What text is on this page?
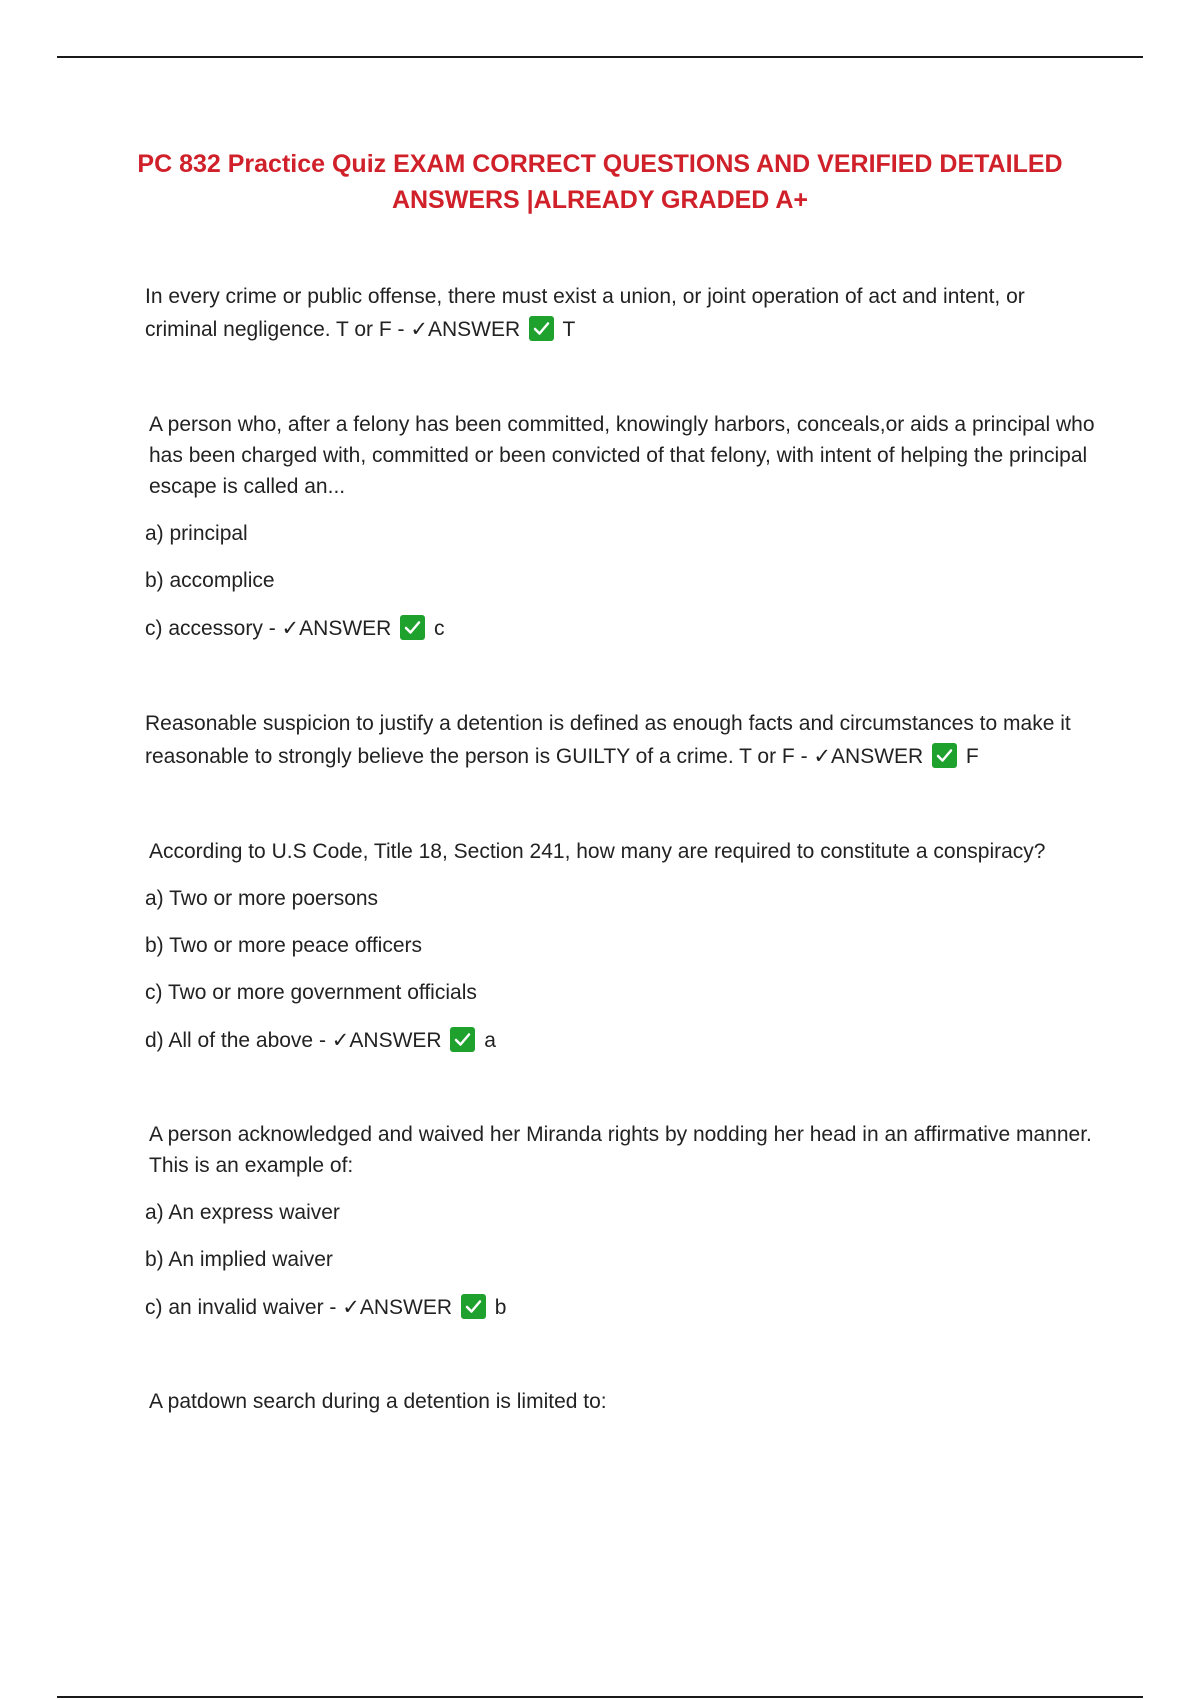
PC 832 Practice Quiz EXAM CORRECT QUESTIONS AND VERIFIED DETAILED
ANSWERS |ALREADY GRADED A+

In every crime or public offense, there must exist a union, or joint operation of act and intent, or criminal negligence. T or F - ✓ANSWER T

A person who, after a felony has been committed, knowingly harbors, conceals,or aids a principal who has been charged with, committed or been convicted of that felony, with intent of helping the principal escape is called an...

a) principal

b) accomplice

c) accessory - ✓ANSWER c

Reasonable suspicion to justify a detention is defined as enough facts and circumstances to make it reasonable to strongly believe the person is GUILTY of a crime. T or F - ✓ANSWER F

According to U.S Code, Title 18, Section 241, how many are required to constitute a conspiracy?

a) Two or more poersons

b) Two or more peace officers

c) Two or more government officials

d) All of the above - ✓ANSWER a

A person acknowledged and waived her Miranda rights by nodding her head in an affirmative manner. This is an example of:

a) An express waiver

b) An implied waiver

c) an invalid waiver - ✓ANSWER b

A patdown search during a detention is limited to:
